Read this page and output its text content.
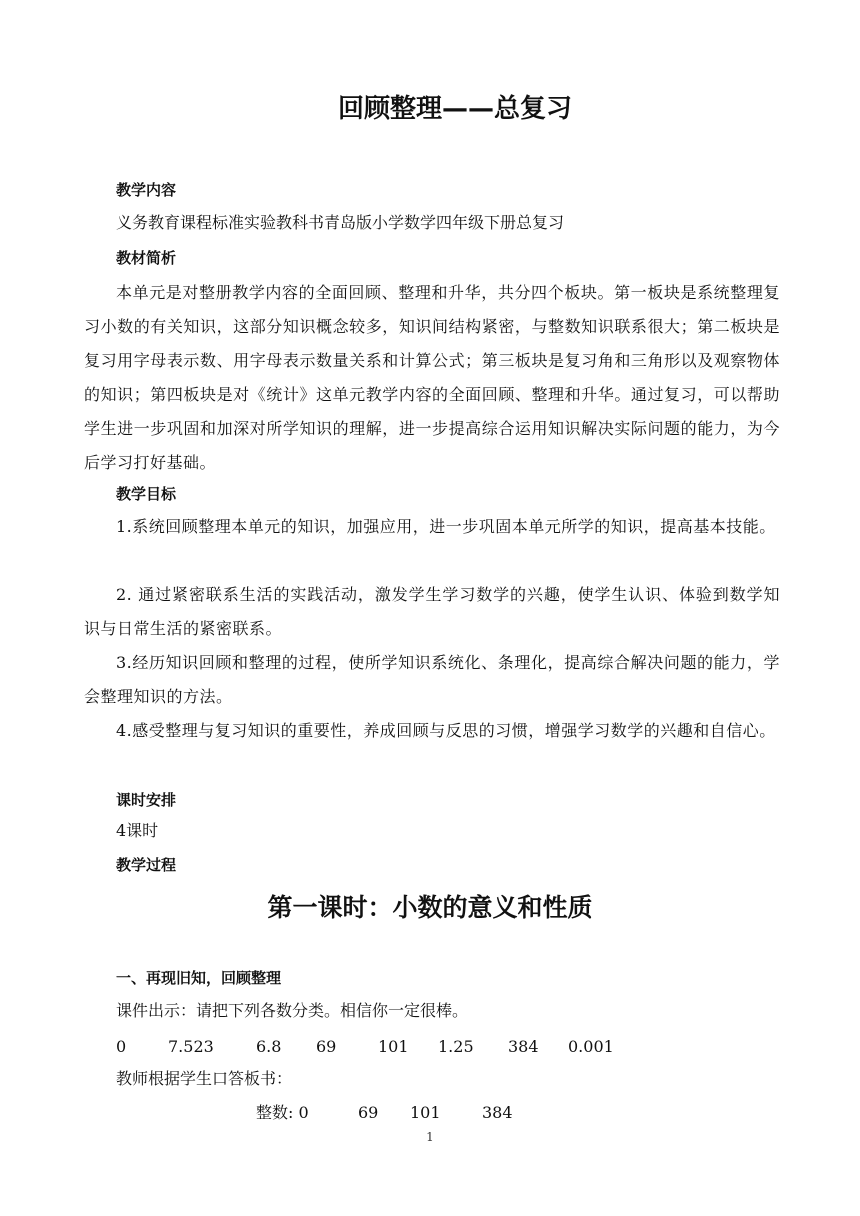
回顾整理——总复习
教学内容

义务教育课程标准实验教科书青岛版小学数学四年级下册总复习

教材简析

本单元是对整册教学内容的全面回顾、整理和升华，共分四个板块。第一板块是系统整理复习小数的有关知识，这部分知识概念较多，知识间结构紧密，与整数知识联系很大；第二板块是复习用字母表示数、用字母表示数量关系和计算公式；第三板块是复习角和三角形以及观察物体的知识；第四板块是对《统计》这单元教学内容的全面回顾、整理和升华。通过复习，可以帮助学生进一步巩固和加深对所学知识的理解，进一步提高综合运用知识解决实际问题的能力，为今后学习打好基础。

教学目标

1.系统回顾整理本单元的知识，加强应用，进一步巩固本单元所学的知识，提高基本技能。

2. 通过紧密联系生活的实践活动，激发学生学习数学的兴趣，使学生认识、体验到数学知识与日常生活的紧密联系。

3.经历知识回顾和整理的过程，使所学知识系统化、条理化，提高综合解决问题的能力，学会整理知识的方法。

4.感受整理与复习知识的重要性，养成回顾与反思的习惯，增强学习数学的兴趣和自信心。

课时安排

4课时

教学过程
第一课时：小数的意义和性质
一、再现旧知，回顾整理

课件出示：请把下列各数分类。相信你一定很棒。

0	7.523	6.8 69	101 1.25 384 0.001

教师根据学生口答板书：

整数: 0	69 101	384

1
